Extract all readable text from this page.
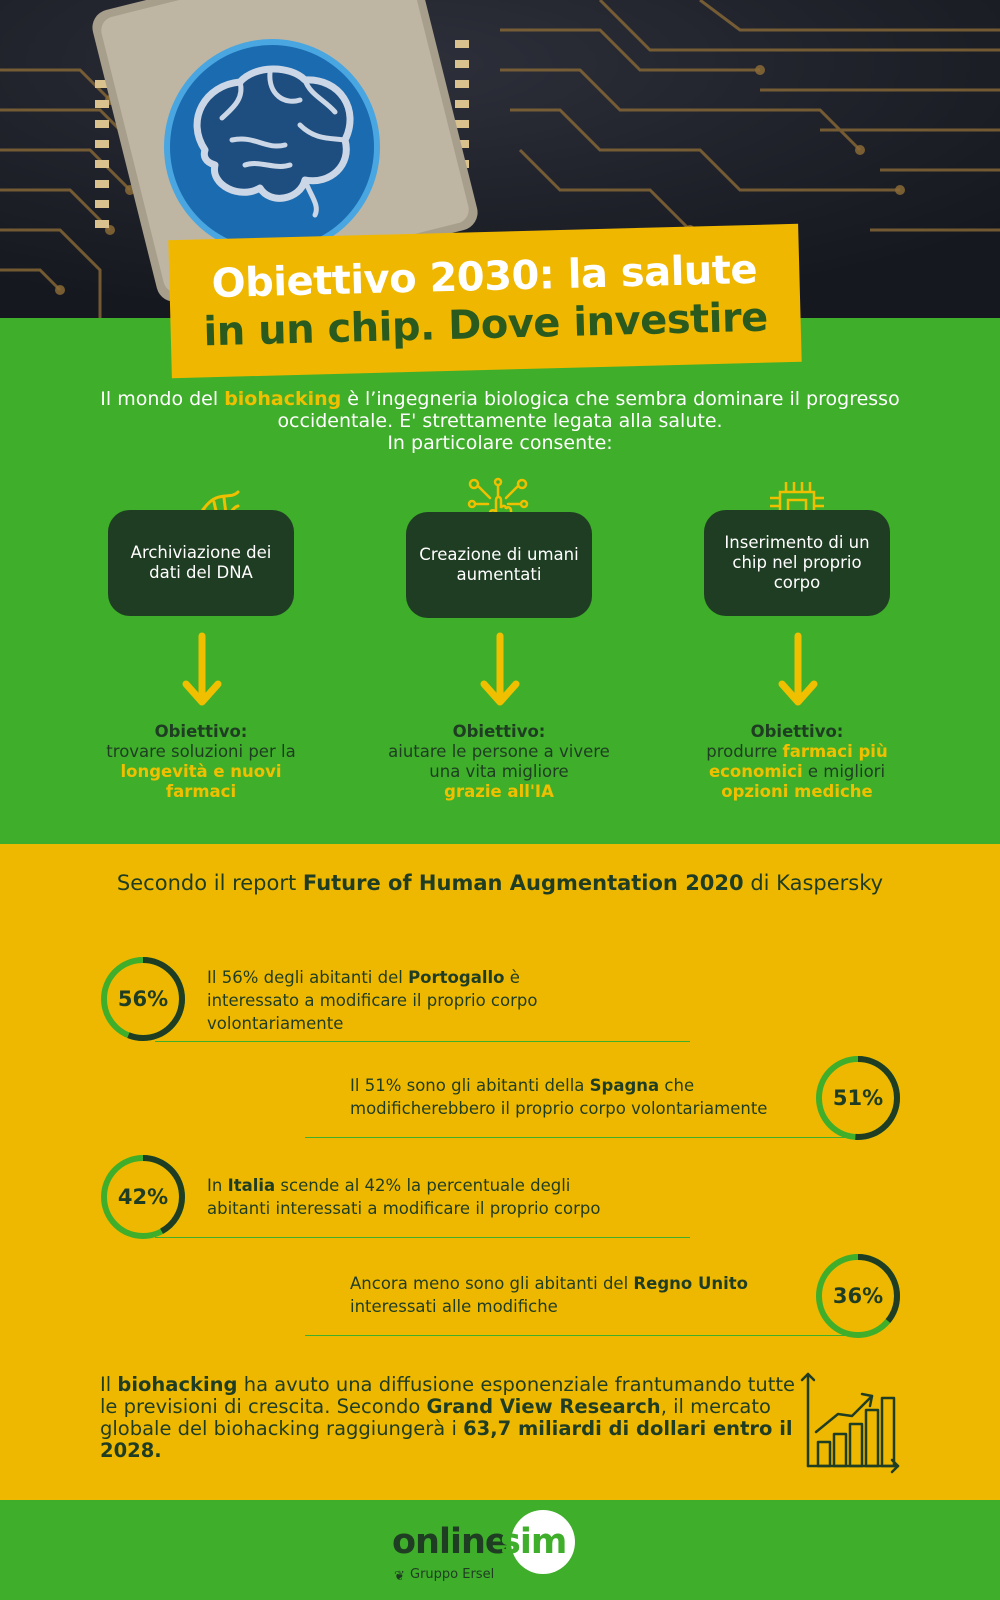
Obiettivo 2030: la salute
in un chip. Dove investire
Il mondo del biohacking è l’ingegneria biologica che sembra dominare il progresso occidentale. E' strettamente legata alla salute.
In particolare consente:
Archiviazione dei dati del DNA
Creazione di umani aumentati
Inserimento di un chip nel proprio corpo
Obiettivo:
trovare soluzioni per la
longevità e nuovi farmaci
Obiettivo:
aiutare le persone a vivere una vita migliore
grazie all'IA
Obiettivo:
produrre farmaci più economici e migliori opzioni mediche
Secondo il report Future of Human Augmentation 2020 di Kaspersky
56%
Il 56% degli abitanti del Portogallo è interessato a modificare il proprio corpo volontariamente
51%
Il 51% sono gli abitanti della Spagna che modificherebbero il proprio corpo volontariamente
42%	In Italia scende al 42% la percentuale degli abitanti interessati a modificare il proprio corpo
36%
Ancora meno sono gli abitanti del Regno Unito interessati alle modifiche
Il biohacking ha avuto una diffusione esponenziale frantumando tutte le previsioni di crescita. Secondo Grand View Research, il mercato globale del biohacking raggiungerà i 63,7 miliardi di dollari entro il 2028.
online
sim
❦ Gruppo Ersel
